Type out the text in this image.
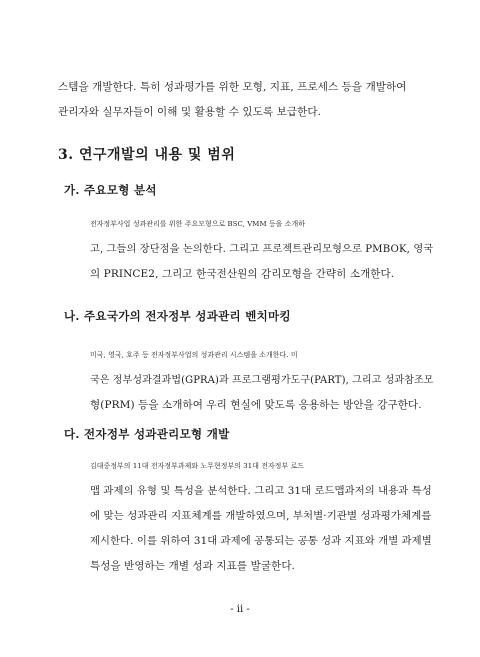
스템을 개발한다. 특히 성과평가를 위한 모형, 지표, 프로세스 등을 개발하여
관리자와 실무자들이 이해 및 활용할 수 있도록 보급한다.

3. 연구개발의 내용 및 범위
가. 주요모형 분석

전자정부사업 성과관리를 위한 주요모형으로 BSC, VMM 등을 소개하
고, 그들의 장단점을 논의한다. 그리고 프로젝트관리모형으로 PMBOK, 영국
의 PRINCE2, 그리고 한국전산원의 감리모형을 간략히 소개한다.

나. 주요국가의 전자정부 성과관리 벤치마킹

미국, 영국, 호주 등 전자정부사업의 성과관리 시스템을 소개한다. 미
국은 정부성과결과법(GPRA)과 프로그램평가도구(PART), 그리고 성과참조모
형(PRM) 등을 소개하여 우리 현실에 맞도록 응용하는 방안을 강구한다.

다. 전자정부 성과관리모형 개발

김대중정부의 11대 전자정부과제와 노무현정부의 31대 전자정부 로드
맵 과제의 유형 및 특성을 분석한다. 그리고 31대 로드맵과저의 내용과 특성
에 맞는 성과관리 지표체계를 개발하였으며, 부처별·기관별 성과평가체계를
제시한다. 이를 위하여 31대 과제에 공통되는 공통 성과 지표와 개별 과제별
특성을 반영하는 개별 성과 지표를 발굴한다.

- ii -
